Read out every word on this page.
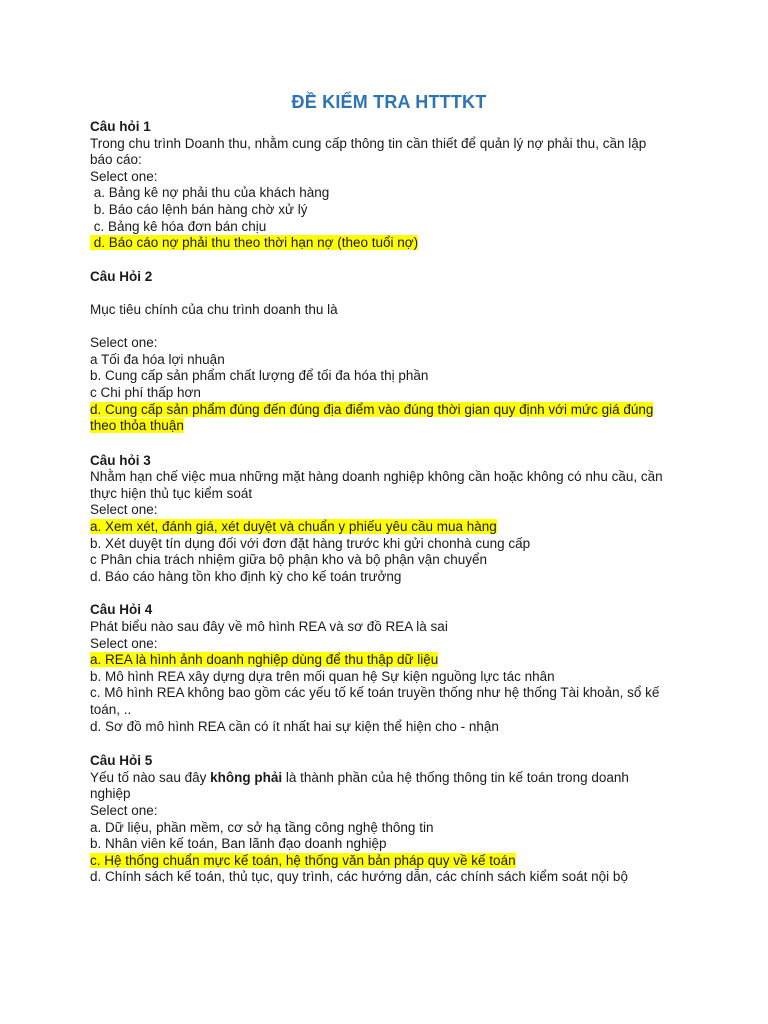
ĐỀ KIỂM TRA HTTTKT
Câu hỏi 1
Trong chu trình Doanh thu, nhằm cung cấp thông tin cần thiết để quản lý nợ phải thu, cần lập
báo cáo:
Select one:
a. Bảng kê nợ phải thu của khách hàng
b. Báo cáo lệnh bán hàng chờ xử lý
c. Bảng kê hóa đơn bán chịu
d. Báo cáo nợ phải thu theo thời hạn nợ (theo tuổi nợ)
Câu Hỏi 2
Mục tiêu chính của chu trình doanh thu là
Select one:
a Tối đa hóa lợi nhuận
b. Cung cấp sản phẩm chất lượng để tối đa hóa thị phần
c Chi phí thấp hơn
d. Cung cấp sản phẩm đúng đến đúng địa điểm vào đúng thời gian quy định với mức giá đúng
theo thỏa thuận
Câu hỏi 3
Nhằm hạn chế việc mua những mặt hàng doanh nghiệp không cần hoặc không có nhu cầu, cần
thực hiện thủ tục kiểm soát
Select one:
a. Xem xét, đánh giá, xét duyệt và chuẩn y phiếu yêu cầu mua hàng
b. Xét duyệt tín dụng đối với đơn đặt hàng trước khi gửi chonhà cung cấp
c Phân chia trách nhiệm giữa bộ phận kho và bộ phận vận chuyển
d. Báo cáo hàng tồn kho định kỳ cho kế toán trưởng
Câu Hỏi 4
Phát biểu nào sau đây về mô hình REA và sơ đồ REA là sai
Select one:
a. REA là hình ảnh doanh nghiệp dùng để thu thập dữ liệu
b. Mô hình REA xây dựng dựa trên mối quan hệ Sự kiện nguồng lực tác nhân
c. Mô hình REA không bao gồm các yếu tố kế toán truyền thống như hệ thống Tài khoản, sổ kế
toán, ..
d. Sơ đồ mô hình REA cần có ít nhất hai sự kiện thể hiện cho - nhận
Câu Hỏi 5
Yếu tố nào sau đây không phải là thành phần của hệ thống thông tin kế toán trong doanh
nghiệp
Select one:
a. Dữ liệu, phần mềm, cơ sở hạ tầng công nghệ thông tin
b. Nhân viên kế toán, Ban lãnh đạo doanh nghiệp
c. Hệ thống chuẩn mực kế toán, hệ thống văn bản pháp quy về kế toán
d. Chính sách kế toán, thủ tục, quy trình, các hướng dẫn, các chính sách kiểm soát nội bộ
